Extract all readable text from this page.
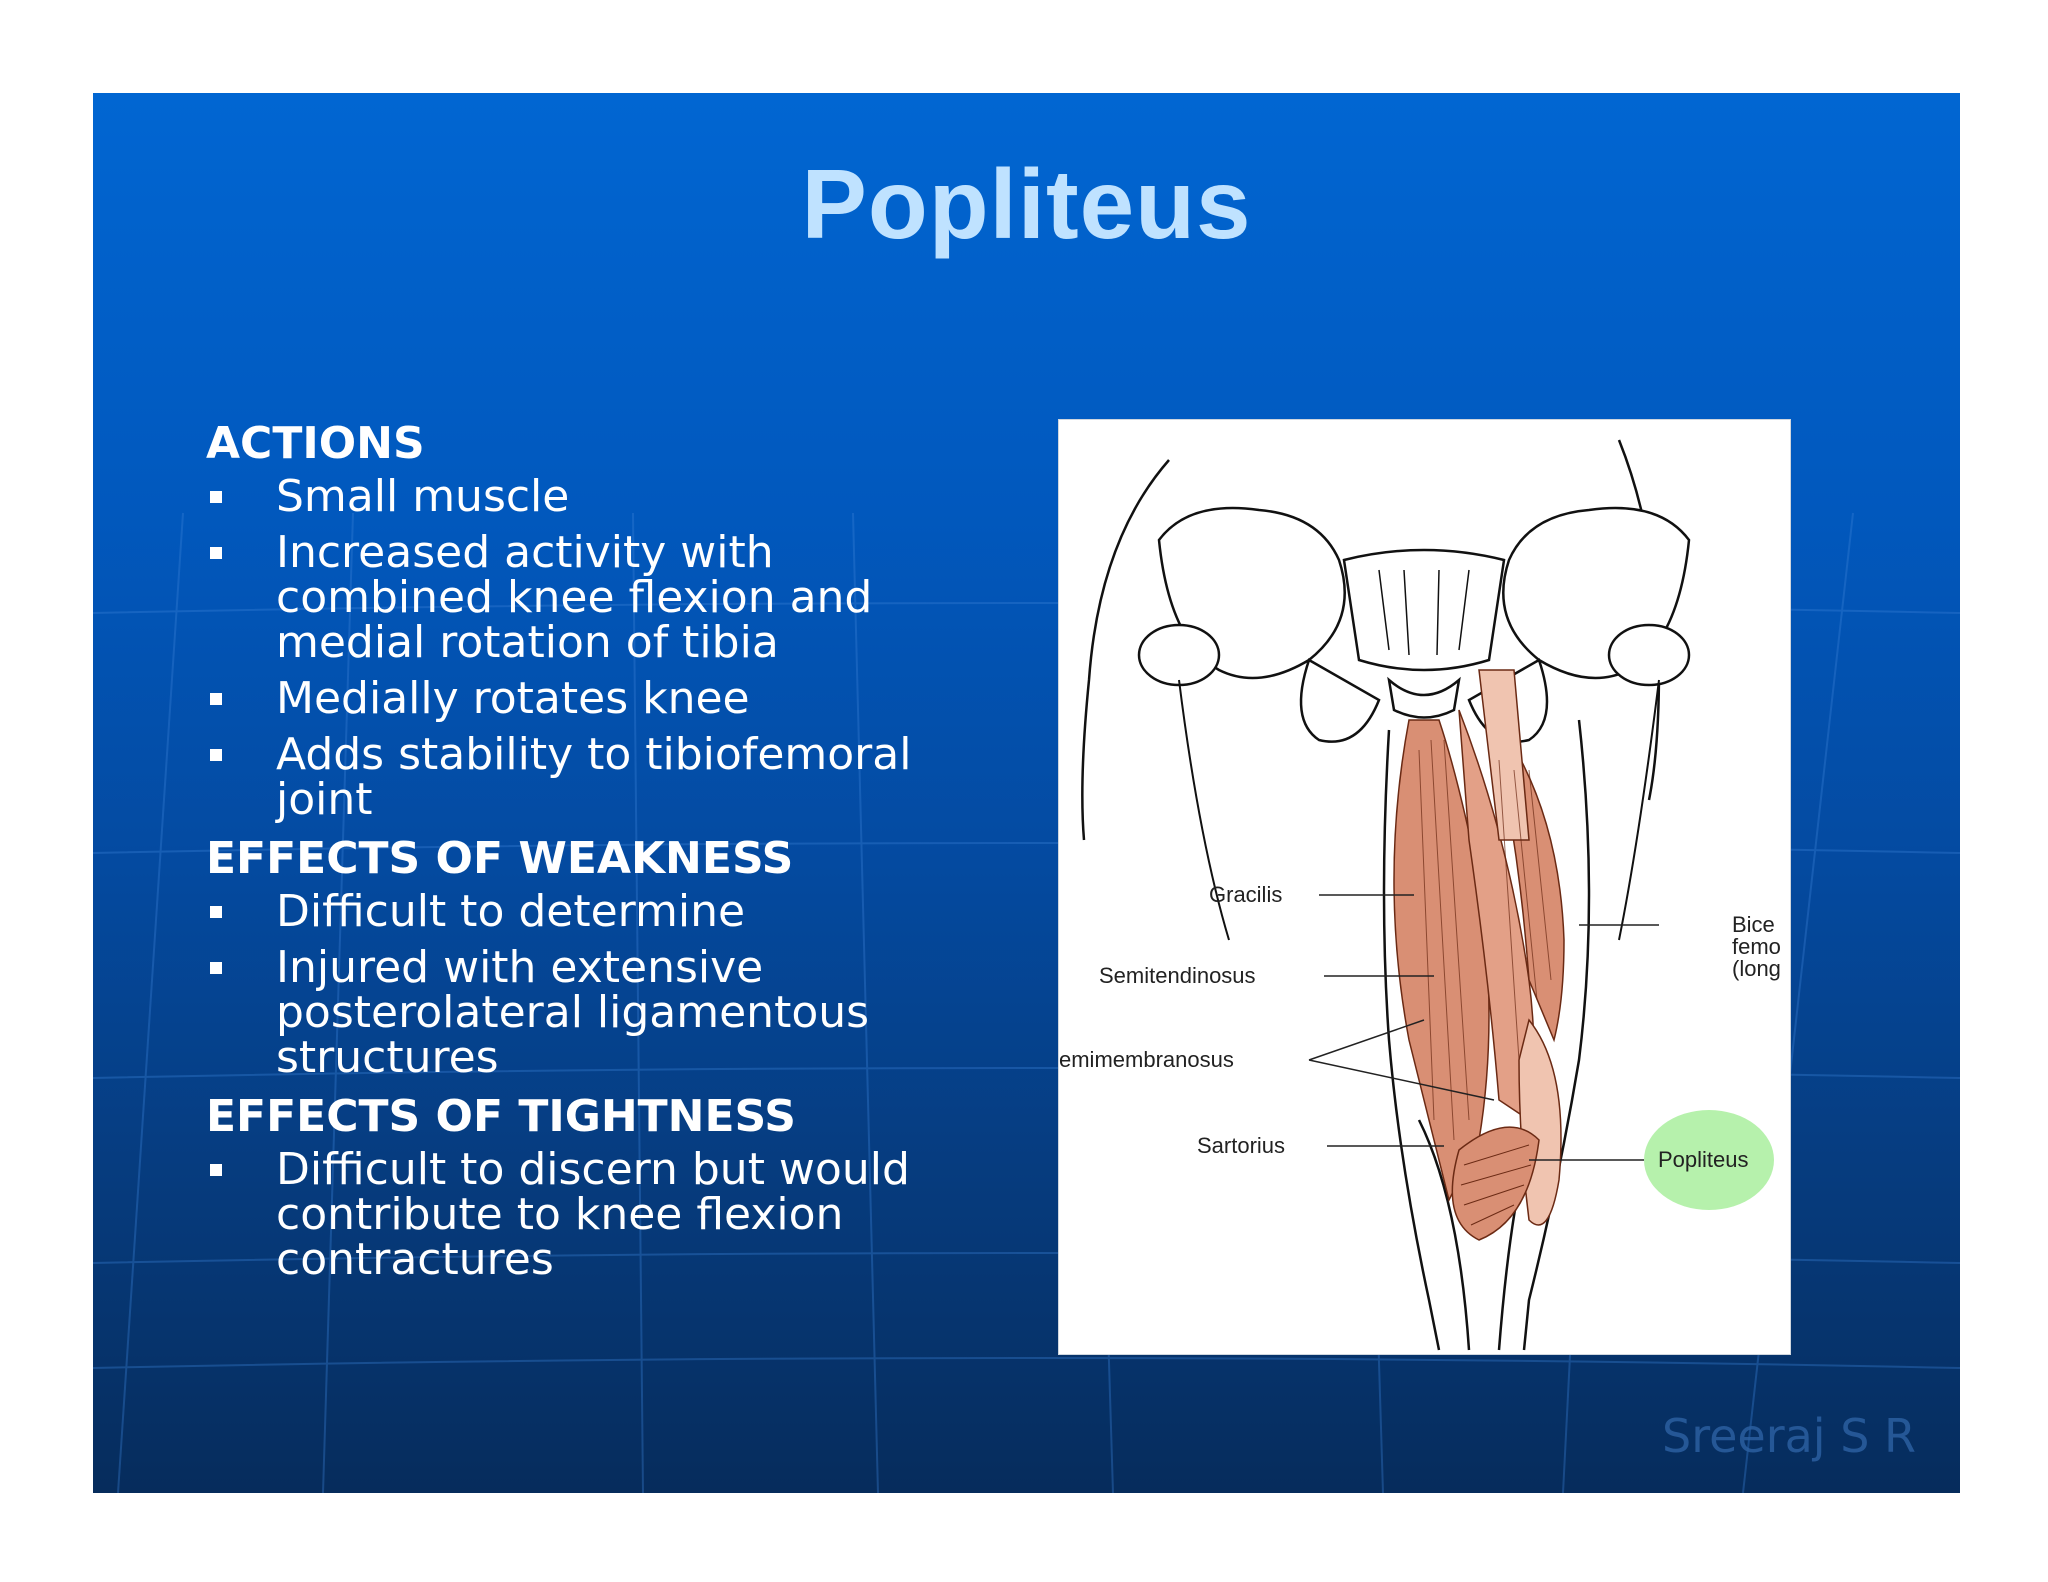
Popliteus
ACTIONS
Small muscle
Increased activity with
combined knee flexion and
medial rotation of tibia
Medially rotates knee
Adds stability to tibiofemoral
joint
EFFECTS OF WEAKNESS
Difficult to determine
Injured with extensive
posterolateral ligamentous
structures
EFFECTS OF TIGHTNESS
Difficult to discern but would
contribute to knee flexion
contractures
Gracilis
Semitendinosus
emimembranosus
Sartorius
Bice
femo
(long
Popliteus
Sreeraj S R
